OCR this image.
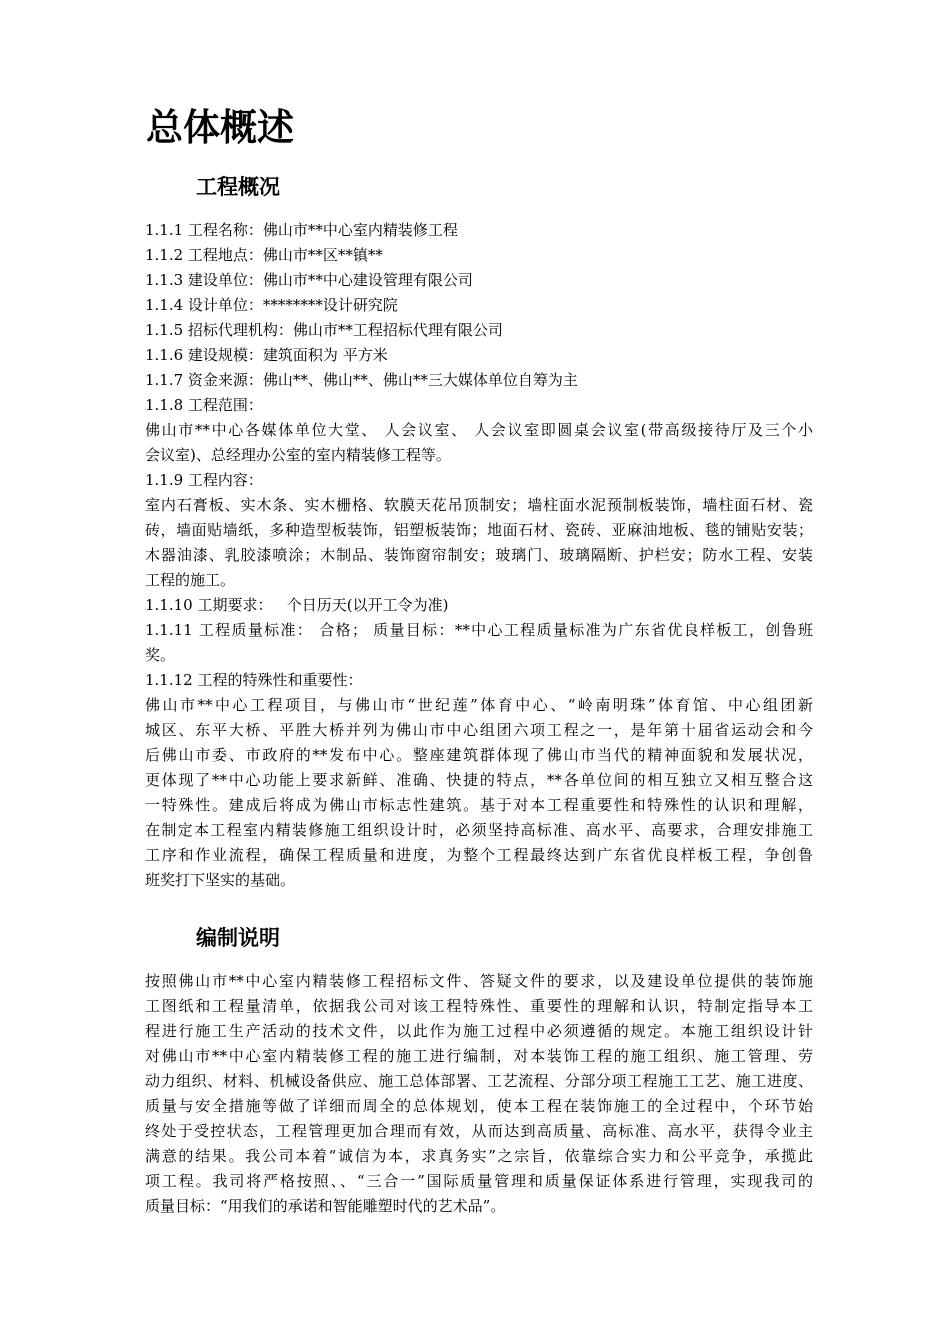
总体概述
工程概况
1.1.1 工程名称：佛山市**中心室内精装修工程
1.1.2 工程地点：佛山市**区**镇**
1.1.3 建设单位：佛山市**中心建设管理有限公司
1.1.4 设计单位：********设计研究院
1.1.5 招标代理机构：佛山市**工程招标代理有限公司
1.1.6 建设规模：建筑面积为 平方米
1.1.7 资金来源：佛山**、佛山**、佛山**三大媒体单位自筹为主
1.1.8 工程范围：
佛山市**中心各媒体单位大堂、 人会议室、 人会议室即圆桌会议室(带高级接待厅及三个小
会议室)、总经理办公室的室内精装修工程等。
1.1.9 工程内容：
室内石膏板、实木条、实木栅格、软膜天花吊顶制安；墙柱面水泥预制板装饰，墙柱面石材、瓷
砖，墙面贴墙纸，多种造型板装饰，铝塑板装饰；地面石材、瓷砖、亚麻油地板、毯的铺贴安装；
木器油漆、乳胶漆喷涂；木制品、装饰窗帘制安；玻璃门、玻璃隔断、护栏安；防水工程、安装
工程的施工。
1.1.10 工期要求：   个日历天(以开工令为准)
1.1.11 工程质量标准： 合格； 质量目标：**中心工程质量标准为广东省优良样板工，创鲁班
奖。
1.1.12 工程的特殊性和重要性：
佛山市**中心工程项目，与佛山市“世纪莲”体育中心、“岭南明珠”体育馆、中心组团新
城区、东平大桥、平胜大桥并列为佛山市中心组团六项工程之一，是年第十届省运动会和今
后佛山市委、市政府的**发布中心。整座建筑群体现了佛山市当代的精神面貌和发展状况，
更体现了**中心功能上要求新鲜、准确、快捷的特点，**各单位间的相互独立又相互整合这
一特殊性。建成后将成为佛山市标志性建筑。基于对本工程重要性和特殊性的认识和理解，
在制定本工程室内精装修施工组织设计时，必须坚持高标准、高水平、高要求，合理安排施工
工序和作业流程，确保工程质量和进度，为整个工程最终达到广东省优良样板工程，争创鲁
班奖打下坚实的基础。
编制说明
按照佛山市**中心室内精装修工程招标文件、答疑文件的要求，以及建设单位提供的装饰施
工图纸和工程量清单，依据我公司对该工程特殊性、重要性的理解和认识，特制定指导本工
程进行施工生产活动的技术文件，以此作为施工过程中必须遵循的规定。本施工组织设计针
对佛山市**中心室内精装修工程的施工进行编制，对本装饰工程的施工组织、施工管理、劳
动力组织、材料、机械设备供应、施工总体部署、工艺流程、分部分项工程施工工艺、施工进度、
质量与安全措施等做了详细而周全的总体规划，使本工程在装饰施工的全过程中，个环节始
终处于受控状态，工程管理更加合理而有效，从而达到高质量、高标准、高水平，获得令业主
满意的结果。我公司本着“诚信为本，求真务实”之宗旨，依靠综合实力和公平竞争，承揽此
项工程。我司将严格按照、、“三合一”国际质量管理和质量保证体系进行管理，实现我司的
质量目标：“用我们的承诺和智能雕塑时代的艺术品”。
